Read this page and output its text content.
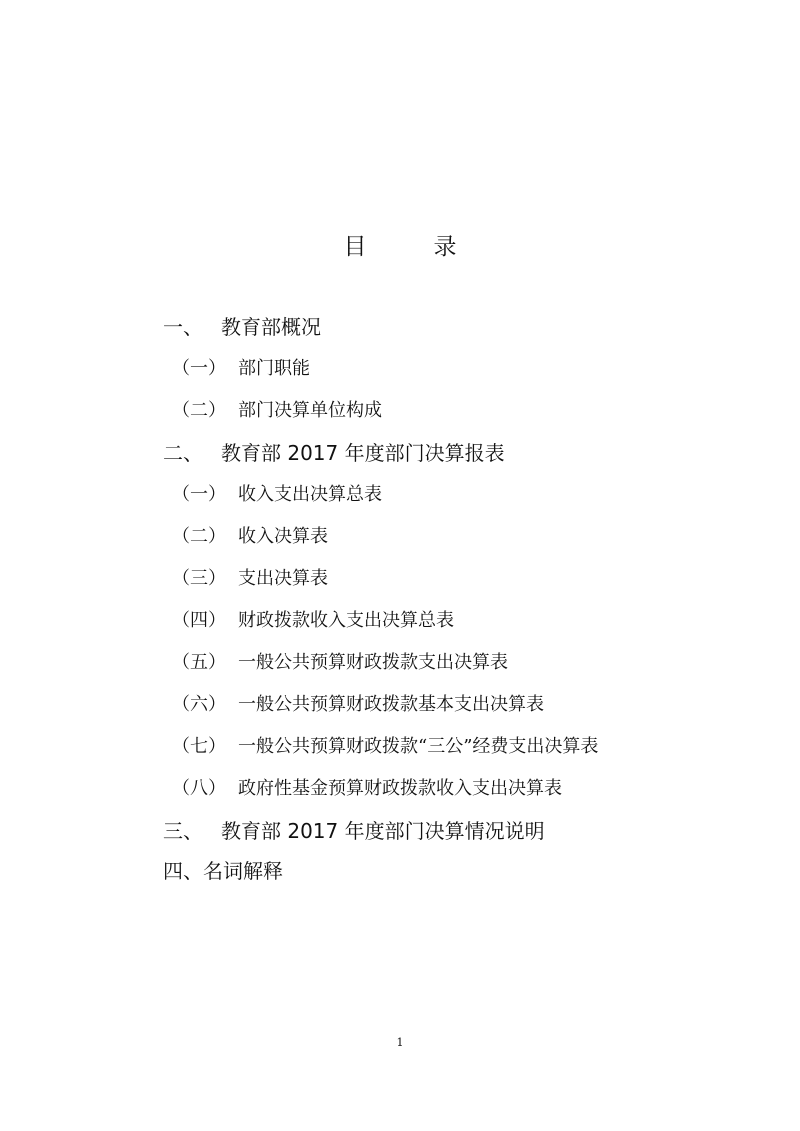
目　录
一、 教育部概况
（一） 部门职能
（二） 部门决算单位构成
二、 教育部 2017 年度部门决算报表
（一） 收入支出决算总表
（二） 收入决算表
（三） 支出决算表
（四） 财政拨款收入支出决算总表
（五） 一般公共预算财政拨款支出决算表
（六） 一般公共预算财政拨款基本支出决算表
（七） 一般公共预算财政拨款“三公”经费支出决算表
（八） 政府性基金预算财政拨款收入支出决算表
三、 教育部 2017 年度部门决算情况说明
四、名词解释
1
